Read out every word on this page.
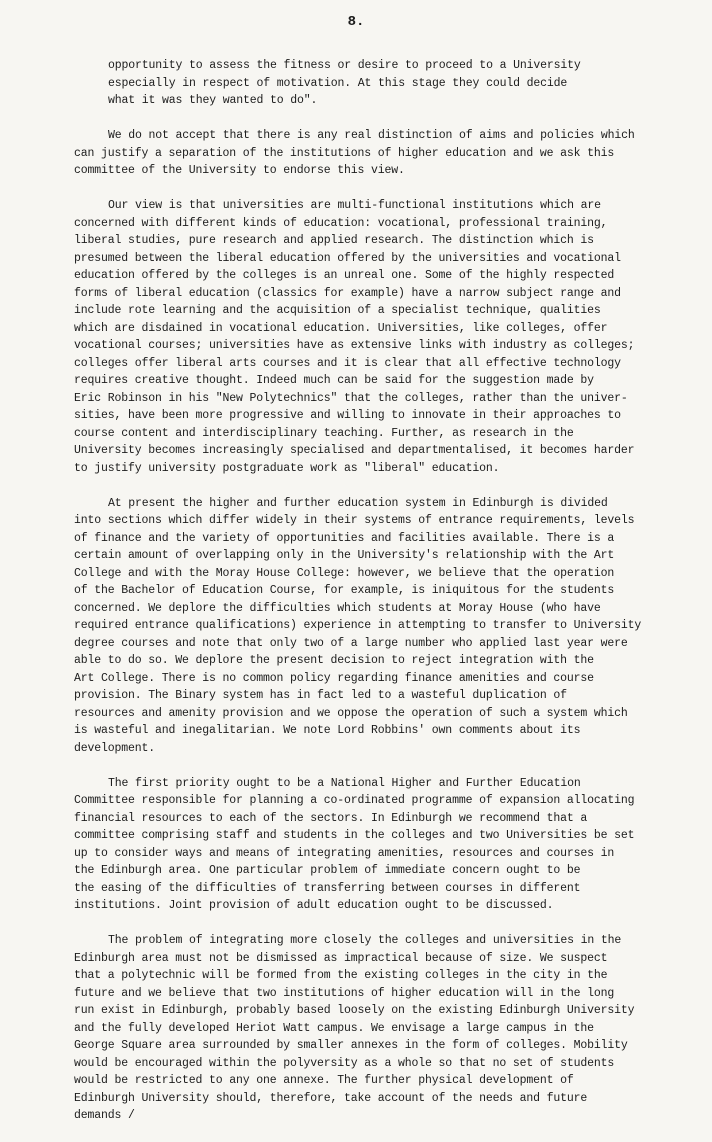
8.

opportunity to assess the fitness or desire to proceed to a University

especially in respect of motivation. At this stage they could decide

what it was they wanted to do".

We do not accept that there is any real distinction of aims and policies which

can justify a separation of the institutions of higher education and we ask this

committee of the University to endorse this view.

Our view is that universities are multi-functional institutions which are

concerned with different kinds of education: vocational, professional training,

liberal studies, pure research and applied research. The distinction which is

presumed between the liberal education offered by the universities and vocational

education offered by the colleges is an unreal one. Some of the highly respected

forms of liberal education (classics for example) have a narrow subject range and

include rote learning and the acquisition of a specialist technique, qualities

which are disdained in vocational education. Universities, like colleges, offer

vocational courses; universities have as extensive links with industry as colleges;

colleges offer liberal arts courses and it is clear that all effective technology

requires creative thought. Indeed much can be said for the suggestion made by

Eric Robinson in his "New Polytechnics" that the colleges, rather than the univer-

sities, have been more progressive and willing to innovate in their approaches to

course content and interdisciplinary teaching. Further, as research in the

University becomes increasingly specialised and departmentalised, it becomes harder

to justify university postgraduate work as "liberal" education.

At present the higher and further education system in Edinburgh is divided

into sections which differ widely in their systems of entrance requirements, levels

of finance and the variety of opportunities and facilities available. There is a

certain amount of overlapping only in the University's relationship with the Art

College and with the Moray House College: however, we believe that the operation

of the Bachelor of Education Course, for example, is iniquitous for the students

concerned. We deplore the difficulties which students at Moray House (who have

required entrance qualifications) experience in attempting to transfer to University

degree courses and note that only two of a large number who applied last year were

able to do so. We deplore the present decision to reject integration with the

Art College. There is no common policy regarding finance amenities and course

provision. The Binary system has in fact led to a wasteful duplication of

resources and amenity provision and we oppose the operation of such a system which

is wasteful and inegalitarian. We note Lord Robbins' own comments about its

development.

The first priority ought to be a National Higher and Further Education

Committee responsible for planning a co-ordinated programme of expansion allocating

financial resources to each of the sectors. In Edinburgh we recommend that a

committee comprising staff and students in the colleges and two Universities be set

up to consider ways and means of integrating amenities, resources and courses in

the Edinburgh area. One particular problem of immediate concern ought to be

the easing of the difficulties of transferring between courses in different

institutions. Joint provision of adult education ought to be discussed.

The problem of integrating more closely the colleges and universities in the

Edinburgh area must not be dismissed as impractical because of size. We suspect

that a polytechnic will be formed from the existing colleges in the city in the

future and we believe that two institutions of higher education will in the long

run exist in Edinburgh, probably based loosely on the existing Edinburgh University

and the fully developed Heriot Watt campus. We envisage a large campus in the

George Square area surrounded by smaller annexes in the form of colleges. Mobility

would be encouraged within the polyversity as a whole so that no set of students

would be restricted to any one annexe. The further physical development of

Edinburgh University should, therefore, take account of the needs and future

demands /
